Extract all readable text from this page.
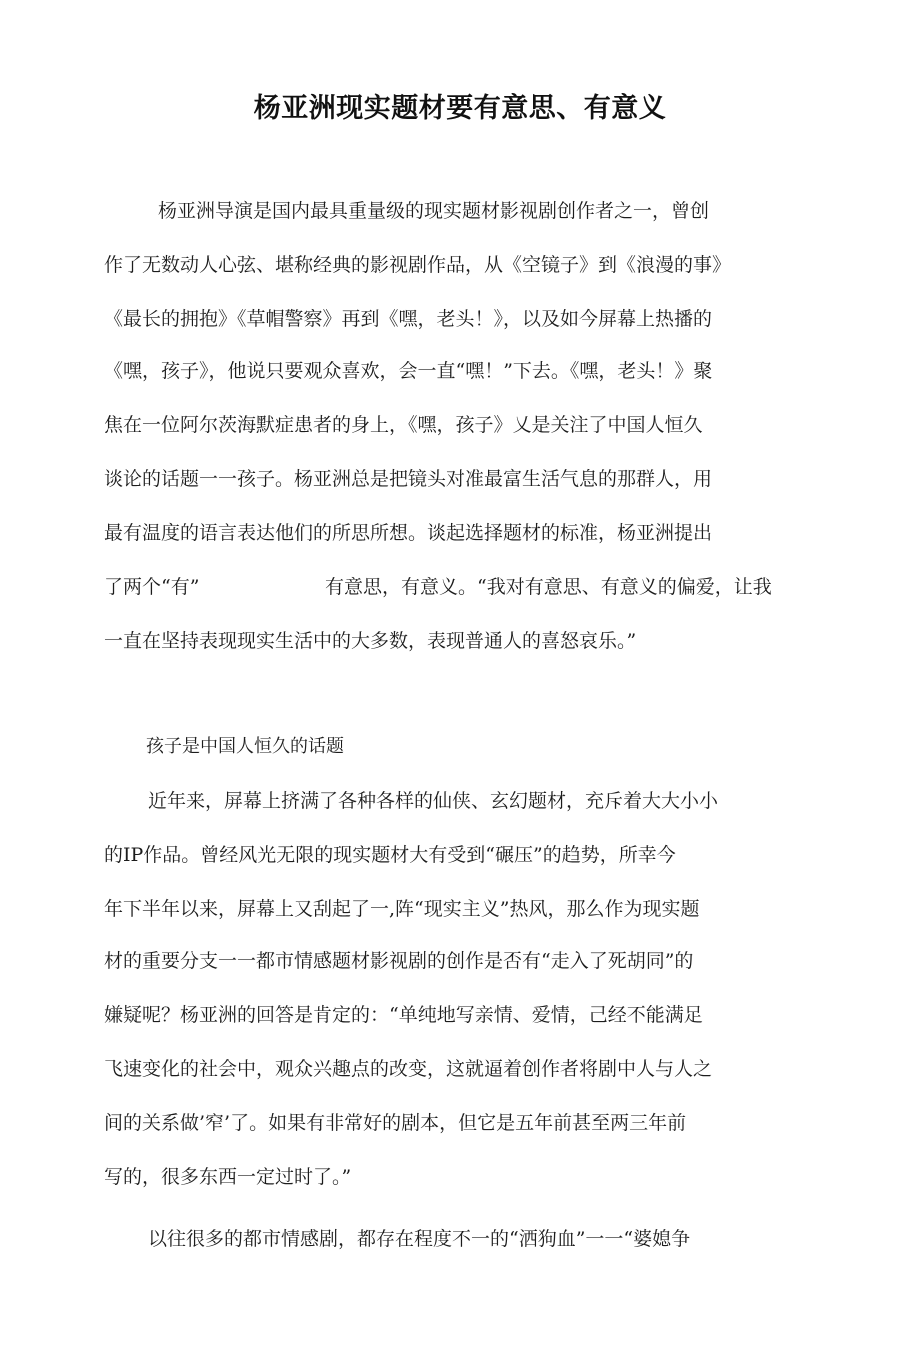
杨亚洲现实题材要有意思、有意义

杨亚洲导演是国内最具重量级的现实题材影视剧创作者之一，曾创

作了无数动人心弦、堪称经典的影视剧作品，从《空镜子》到《浪漫的事》

《最长的拥抱》《草帽警察》再到《嘿，老头！》，以及如今屏幕上热播的

《嘿，孩子》，他说只要观众喜欢，会一直“嘿！”下去。《嘿，老头！》聚

焦在一位阿尔茨海默症患者的身上，《嘿，孩子》乂是关注了中国人恒久

谈论的话题一一孩子。杨亚洲总是把镜头对准最富生活气息的那群人，用

最有温度的语言表达他们的所思所想。谈起选择题材的标准，杨亚洲提出

了两个“有”	有意思，有意义。“我对有意思、有意义的偏爱，让我

一直在坚持表现现实生活中的大多数，表现普通人的喜怒哀乐。”

孩子是中国人恒久的话题

近年来，屏幕上挤满了各种各样的仙侠、玄幻题材，充斥着大大小小

的IP作品。曾经风光无限的现实题材大有受到“碾压”的趋势，所幸今

年下半年以来，屏幕上又刮起了一,阵“现实主义”热风，那么作为现实题

材的重要分支一一都市情感题材影视剧的创作是否有“走入了死胡同”的

嫌疑呢？杨亚洲的回答是肯定的：“单纯地写亲情、爱情，己经不能满足

飞速变化的社会中，观众兴趣点的改变，这就逼着创作者将剧中人与人之

间的关系做’窄’了。如果有非常好的剧本，但它是五年前甚至两三年前

写的，很多东西一定过时了。”

以往很多的都市情感剧，都存在程度不一的“洒狗血”一一“婆媳争
